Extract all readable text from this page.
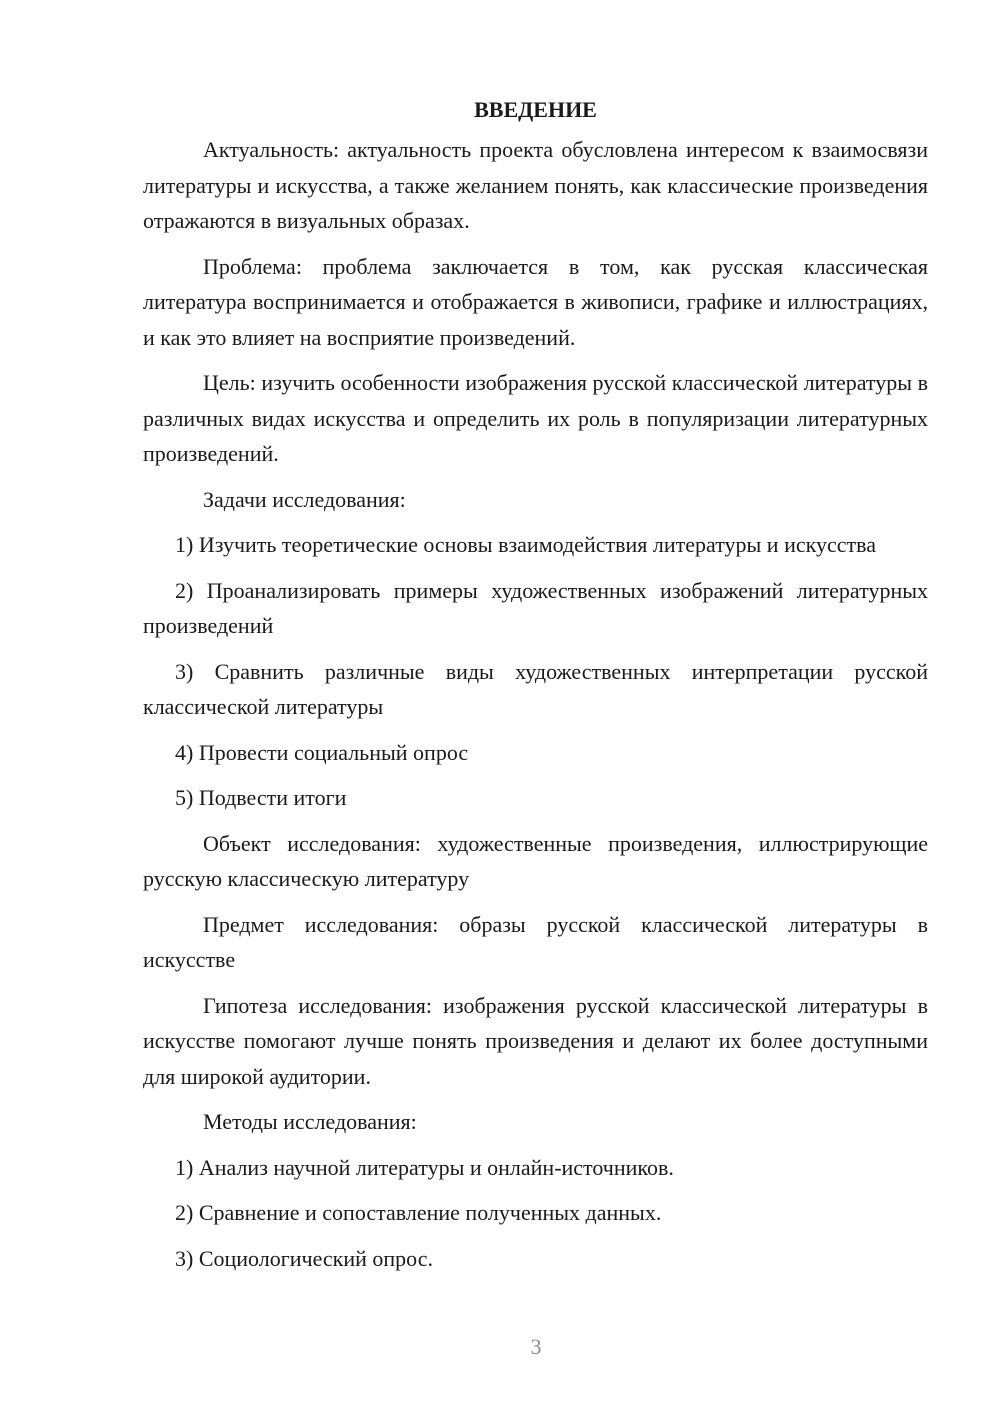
ВВЕДЕНИЕ

Актуальность: актуальность проекта обусловлена интересом к взаимосвязи литературы и искусства, а также желанием понять, как классические произведения отражаются в визуальных образах.

Проблема: проблема заключается в том, как русская классическая литература воспринимается и отображается в живописи, графике и иллюстрациях, и как это влияет на восприятие произведений.

Цель: изучить особенности изображения русской классической литературы в различных видах искусства и определить их роль в популяризации литературных произведений.

Задачи исследования:

1) Изучить теоретические основы взаимодействия литературы и искусства

2) Проанализировать примеры художественных изображений литературных произведений

3) Сравнить различные виды художественных интерпретации русской классической литературы

4) Провести социальный опрос

5) Подвести итоги

Объект исследования: художественные произведения, иллюстрирующие русскую классическую литературу

Предмет исследования: образы русской классической литературы в искусстве

Гипотеза исследования: изображения русской классической литературы в искусстве помогают лучше понять произведения и делают их более доступными для широкой аудитории.

Методы исследования:

1) Анализ научной литературы и онлайн-источников.

2) Сравнение и сопоставление полученных данных.

3) Социологический опрос.

3
